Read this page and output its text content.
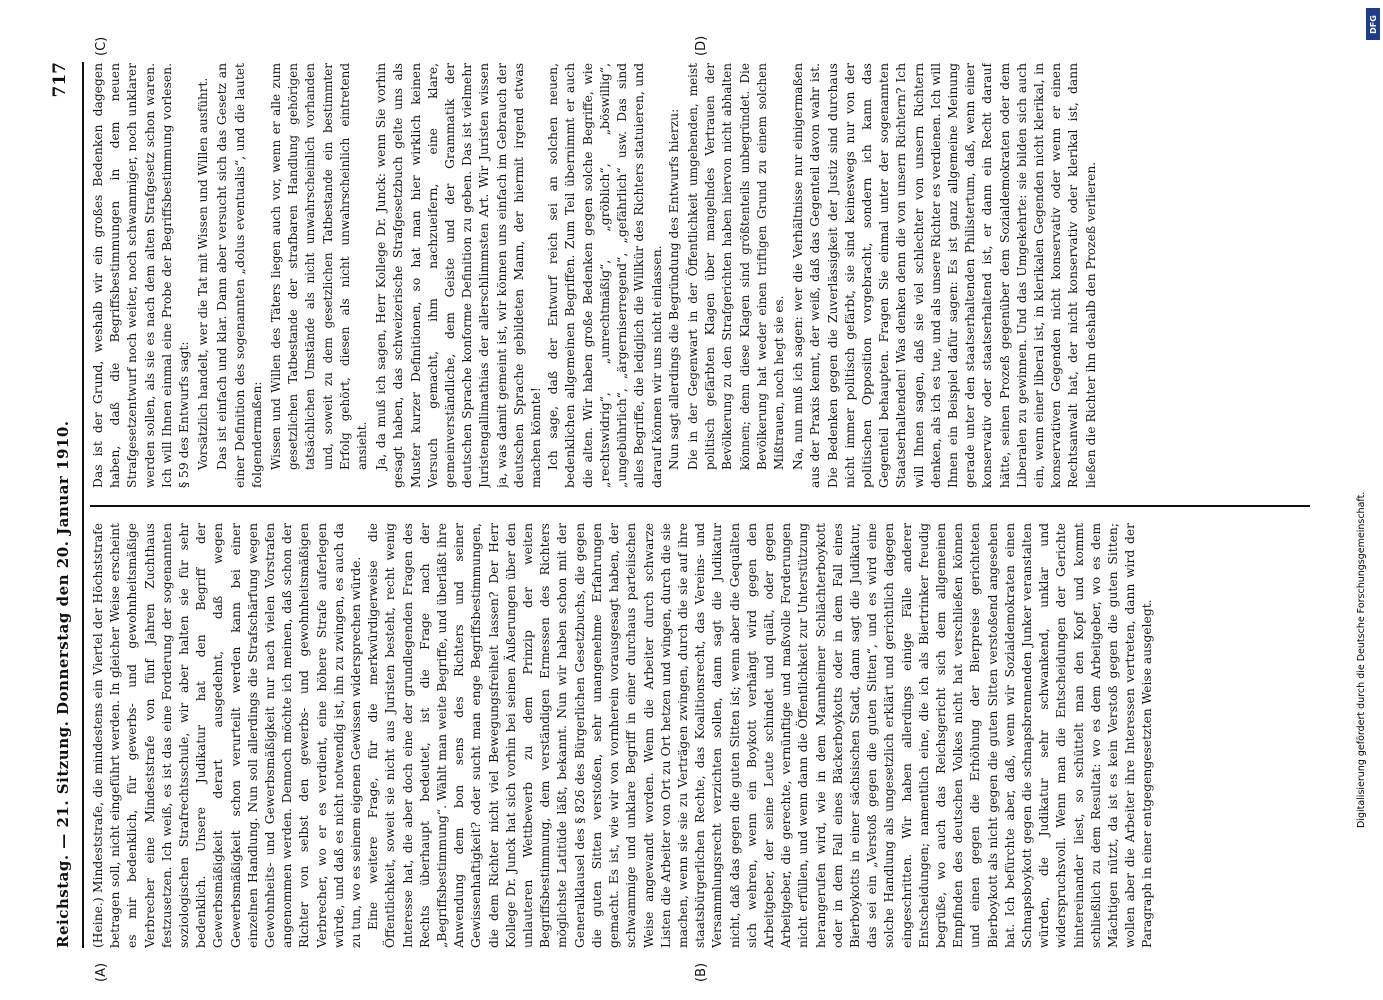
Reichstag. — 21. Sitzung. Donnerstag den 20. Januar 1910.
717

(Heine.) Mindeststrafe, die mindestens ein Viertel der Höchststrafe betragen soll, nicht eingeführt werden. In gleicher Weise erscheint es mir bedenklich, für gewerbs- und gewohnheitsmäßige Verbrecher eine Mindeststrafe von fünf Jahren Zuchthaus festzusetzen. Ich weiß, es ist das eine Forderung der sogenannten soziologischen Strafrechtsschule, wir aber halten sie für sehr bedenklich. Unsere Judikatur hat den Begriff der Gewerbsmäßigkeit derart ausgedehnt, daß wegen Gewerbsmäßigkeit schon verurteilt werden kann bei einer einzelnen Handlung. Nun soll allerdings die Strafschärfung wegen Gewohnheits- und Gewerbsmäßigkeit nur nach vielen Vorstrafen angenommen werden. Dennoch möchte ich meinen, daß schon der Richter von selbst den gewerbs- und gewohnheitsmäßigen Verbrecher, wo er es verdient, eine höhere Strafe auferlegen würde, und daß es nicht notwendig ist, ihn zu zwingen, es auch da zu tun, wo es seinem eigenen Gewissen widersprechen würde. Eine weitere Frage, für die merkwürdigerweise die Öffentlichkeit, soweit sie nicht aus Juristen besteht, recht wenig Interesse hat, die aber doch eine der grundlegenden Fragen des Rechts überhaupt bedeutet, ist die Frage nach der „Begriffsbestimmung“. Wählt man weite Begriffe, und überläßt ihre Anwendung dem bon sens des Richters und seiner Gewissenhaftigkeit? oder sucht man enge Begriffsbestimmungen, die dem Richter nicht viel Bewegungsfreiheit lassen? Der Herr Kollege Dr. Junck hat sich vorhin bei seinen Äußerungen über den unlauteren Wettbewerb zu dem Prinzip der weiten Begriffsbestimmung, dem verständigen Ermessen des Richters möglichste Latitüde läßt, bekannt. Nun wir haben schon mit der Generalklausel des § 826 des Bürgerlichen Gesetzbuchs, die gegen die guten Sitten verstoßen, sehr unangenehme Erfahrungen gemacht. Es ist, wie wir von vornherein vorausgesagt haben, der schwammige und unklare Begriff in einer durchaus parteiischen Weise angewandt worden. Wenn die Arbeiter durch schwarze Listen die Arbeiter von Ort zu Ort hetzen und wingen, durch die sie machen, wenn sie sie zu Verträgen zwingen, durch die sie auf ihre staatsbürgerlichen Rechte, das Koalitionsrecht, das Vereins- und Versammlungsrecht verzichten sollen, dann sagt die Judikatur nicht, daß das gegen die guten Sitten ist; wenn aber die Gequälten sich wehren, wenn ein Boykott verhängt wird gegen den Arbeitgeber, der seine Leute schindet und quält, oder gegen Arbeitgeber, die gerechte, vernünftige und maßvolle Forderungen nicht erfüllen, und wenn dann die Öffentlichkeit zur Unterstützung herangerufen wird, wie in dem Mannheimer Schlächterboykott oder in dem Fall eines Bäckerboykotts oder in dem Fall eines Bierboykotts in einer sächsischen Stadt, dann sagt die Judikatur, das sei ein „Verstoß gegen die guten Sitten“, und es wird eine solche Handlung als ungesetzlich erklärt und gerichtlich dagegen eingeschritten. Wir haben allerdings einige Fälle anderer Entscheidungen; namentlich eine, die ich als Biertrinker freudig begrüße, wo auch das Reichsgericht sich dem allgemeinen Empfinden des deutschen Volkes nicht hat verschließen können und einen gegen die Erhöhung der Bierpreise gerichteten Bierboykott als nicht gegen die guten Sitten verstoßend angesehen hat. Ich befürchte aber, daß, wenn wir Sozialdemokraten einen Schnapsboykott gegen die schnapsbrennenden Junker veranstalten würden, die Judikatur sehr schwankend, unklar und widerspruchsvoll. Wenn man die Entscheidungen der Gerichte hintereinander liest, so schüttelt man den Kopf und kommt schließlich zu dem Resultat: wo es dem Arbeitgeber, wo es dem Mächtigen nützt, da ist es kein Verstoß gegen die guten Sitten; wollen aber die Arbeiter ihre Interessen vertreten, dann wird der Paragraph in einer entgegengesetzten Weise ausgelegt.

Das ist der Grund, weshalb wir ein großes Bedenken dagegen haben, daß die Begriffsbestimmungen in dem neuen Strafgesetzentwurf noch weiter, noch schwammiger, noch unklarer werden sollen, als sie es nach dem alten Strafgesetz schon waren. Ich will Ihnen einmal eine Probe der Begriffsbestimmung vorlesen. § 59 des Entwurfs sagt: Vorsätzlich handelt, wer die Tat mit Wissen und Willen ausführt. Das ist einfach und klar. Dann aber versucht sich das Gesetz an einer Definition des sogenannten „dolus eventualis“, und die lautet folgendermaßen: Wissen und Willen des Täters liegen auch vor, wenn er alle zum gesetzlichen Tatbestande der strafbaren Handlung gehörigen tatsächlichen Umstände als nicht unwahrscheinlich vorhanden und, soweit zu dem gesetzlichen Tatbestande ein bestimmter Erfolg gehört, diesen als nicht unwahrscheinlich eintretend ansieht. Ja, da muß ich sagen, Herr Kollege Dr. Junck: wenn Sie vorhin gesagt haben, das schweizerische Strafgesetzbuch gelte uns als Muster kurzer Definitionen, so hat man hier wirklich keinen Versuch gemacht, ihm nachzueifern, eine klare, gemeinverständliche, dem Geiste und der Grammatik der deutschen Sprache konforme Definition zu geben. Das ist vielmehr Juristengallimathias der allerschlimmsten Art. Wir Juristen wissen ja, was damit gemeint ist, wir können uns einfach im Gebrauch der deutschen Sprache gebildeten Mann, der hiermit irgend etwas machen könnte! Ich sage, daß der Entwurf reich sei an solchen neuen, bedenklichen allgemeinen Begriffen. Zum Teil übernimmt er auch die alten. Wir haben große Bedenken gegen solche Begriffe, wie „rechtswidrig“, „unrechtmäßig“, „gröblich“, „böswillig“, „ungebührlich“, „ärgerniserregend“, „gefährlich“ usw. Das sind alles Begriffe, die lediglich die Willkür des Richters statuieren, und darauf können wir uns nicht einlassen. Nun sagt allerdings die Begründung des Entwurfs hierzu: Die in der Gegenwart in der Öffentlichkeit umgehenden, meist politisch gefärbten Klagen über mangelndes Vertrauen der Bevölkerung zu den Strafgerichten haben hiervon nicht abhalten können; denn diese Klagen sind größtenteils unbegründet. Die Bevölkerung hat weder einen triftigen Grund zu einem solchen Mißtrauen, noch hegt sie es. Na, nun muß ich sagen: wer die Verhältnisse nur einigermaßen aus der Praxis kennt, der weiß, daß das Gegenteil davon wahr ist. Die Bedenken gegen die Zuverlässigkeit der Justiz sind durchaus nicht immer politisch gefärbt, sie sind keineswegs nur von der politischen Opposition vorgebracht, sondern ich kann das Gegenteil behaupten. Fragen Sie einmal unter der sogenannten Staatserhaltenden! Was denken denn die von unsern Richtern? Ich will Ihnen sagen, daß sie viel schlechter von unsern Richtern denken, als ich es tue, und als unsere Richter es verdienen. Ich will Ihnen ein Beispiel dafür sagen: Es ist ganz allgemeine Meinung gerade unter den staatserhaltenden Philistertum, daß, wenn einer konservativ oder staatserhaltend ist, er dann ein Recht darauf hätte, seinen Prozeß gegenüber dem Sozialdemokraten oder dem Liberalen zu gewinnen. Und das Umgekehrte: sie bilden sich auch ein, wenn einer liberal ist, in klerikalen Gegenden nicht klerikal, in konservativen Gegenden nicht konservativ oder wenn er einen Rechtsanwalt hat, der nicht konservativ oder klerikal ist, dann ließen die Richter ihn deshalb den Prozeß verlieren.

(A)	(B)
(C)	(D)
DFG
Digitalisierung gefördert durch die Deutsche Forschungsgemeinschaft.
